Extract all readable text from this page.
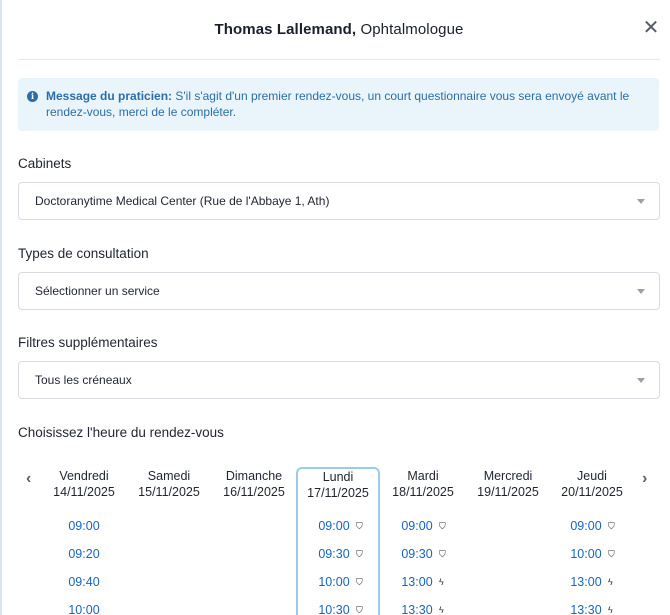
Thomas Lallemand, Ophtalmologue	✕
i Message du praticien: S'il s'agit d'un premier rendez-vous, un court questionnaire vous sera envoyé avant le rendez-vous, merci de le compléter.
Cabinets
Doctoranytime Medical Center (Rue de l'Abbaye 1, Ath)
Types de consultation
Sélectionner un service
Filtres supplémentaires
Tous les créneaux
Choisissez l'heure du rendez-vous
‹	›
Vendredi
14/11/2025
09:00
09:20
09:40
10:00
Samedi
15/11/2025
Dimanche
16/11/2025
Lundi
17/11/2025
09:00 ⛉
09:30 ⛉
10:00 ⛉
10:30 ⛉
Mardi
18/11/2025
09:00 ⛉
09:30 ⛉
13:00 ϟ
13:30 ϟ
Mercredi
19/11/2025
Jeudi
20/11/2025
09:00 ⛉
10:00 ⛉
13:00 ϟ
13:30 ϟ
